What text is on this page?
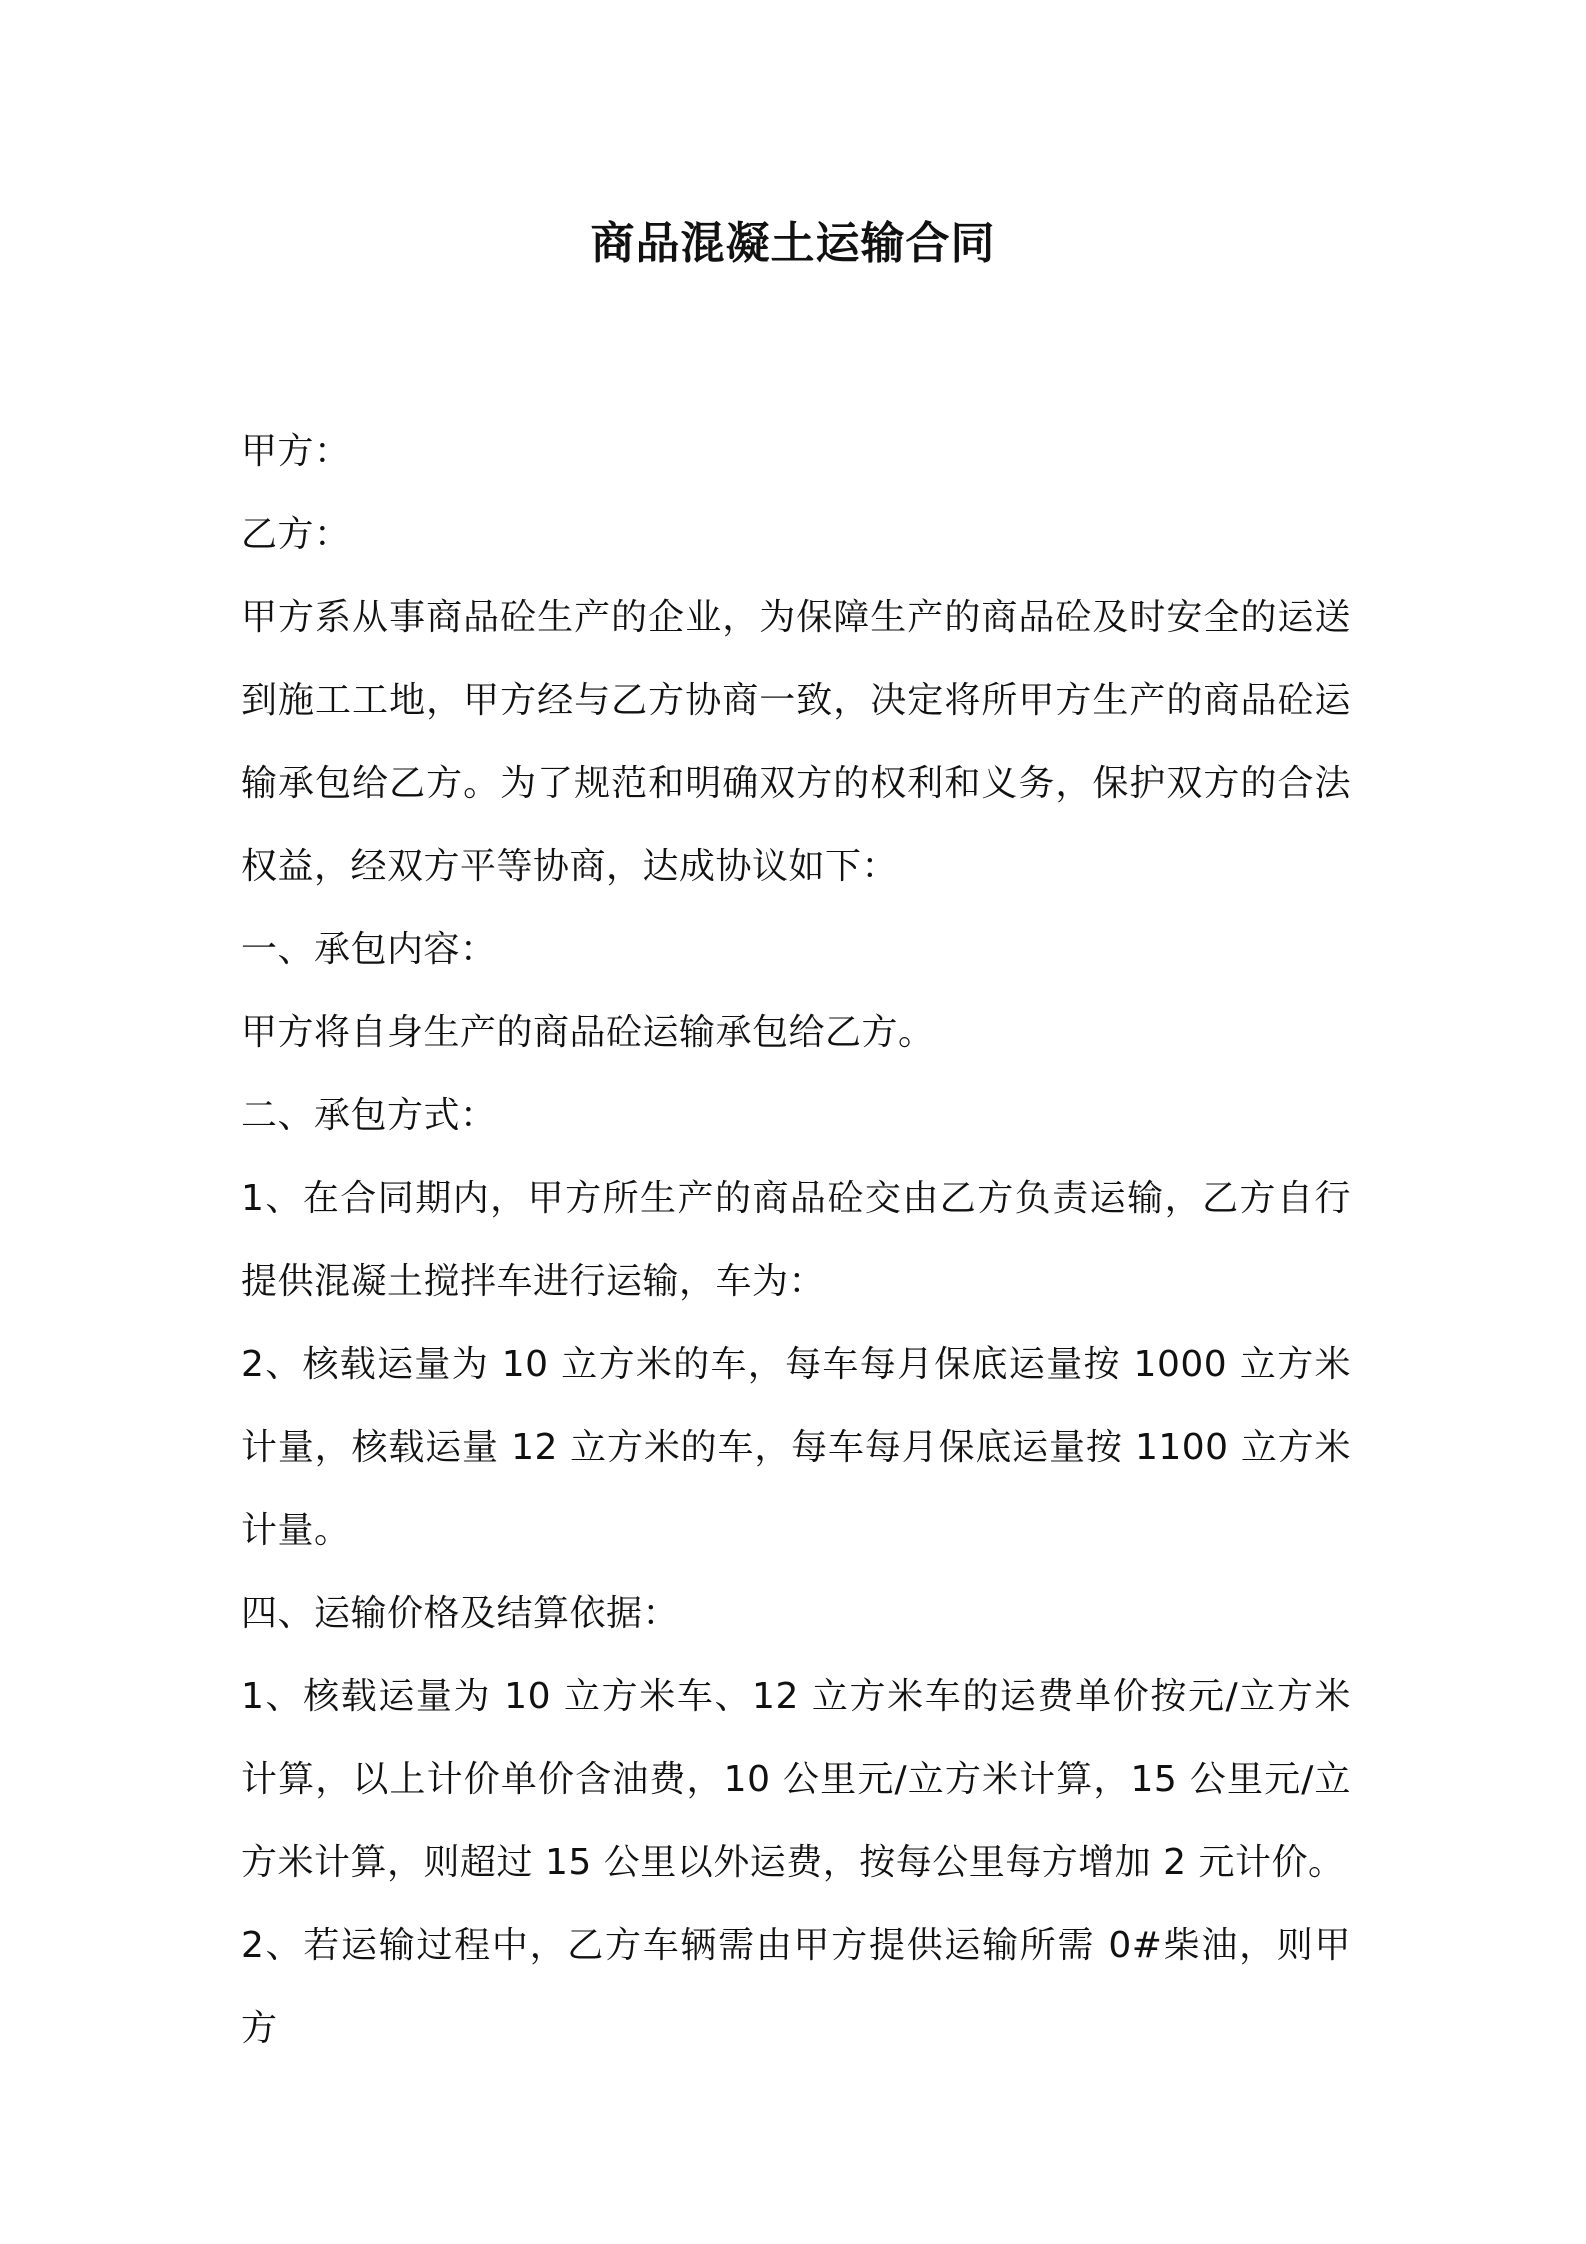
商品混凝土运输合同

甲方：

乙方：

甲方系从事商品砼生产的企业，为保障生产的商品砼及时安全的运送到施工工地，甲方经与乙方协商一致，决定将所甲方生产的商品砼运输承包给乙方。为了规范和明确双方的权利和义务，保护双方的合法权益，经双方平等协商，达成协议如下：

一、承包内容：

甲方将自身生产的商品砼运输承包给乙方。

二、承包方式：

1、在合同期内，甲方所生产的商品砼交由乙方负责运输，乙方自行提供混凝土搅拌车进行运输，车为：

2、核载运量为 10 立方米的车，每车每月保底运量按 1000 立方米计量，核载运量 12 立方米的车，每车每月保底运量按 1100 立方米计量。

四、运输价格及结算依据：

1、核载运量为 10 立方米车、12 立方米车的运费单价按元/立方米计算，以上计价单价含油费，10 公里元/立方米计算，15 公里元/立方米计算，则超过 15 公里以外运费，按每公里每方增加 2 元计价。

2、若运输过程中，乙方车辆需由甲方提供运输所需 0#柴油，则甲方
